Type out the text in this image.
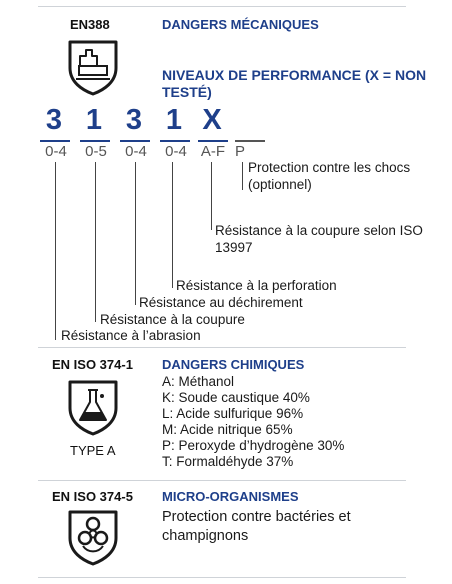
EN388	DANGERS MÉCANIQUES
NIVEAUX DE PERFORMANCE (X = NON TESTÉ)
3 1 3 1 X
0-4	0-5	0-4	0-4 A-F P
Protection contre les chocs (optionnel)
Résistance à la coupure selon ISO 13997
Résistance à la perforation
Résistance au déchirement
Résistance à la coupure
Résistance à l’abrasion
EN ISO 374-1 DANGERS CHIMIQUES
TYPE A
A: Méthanol
K: Soude caustique 40%
L: Acide sulfurique 96%
M: Acide nitrique 65%
P: Peroxyde d’hydrogène 30%
T: Formaldéhyde 37%
EN ISO 374-5 MICRO-ORGANISMES
Protection contre bactéries et champignons
